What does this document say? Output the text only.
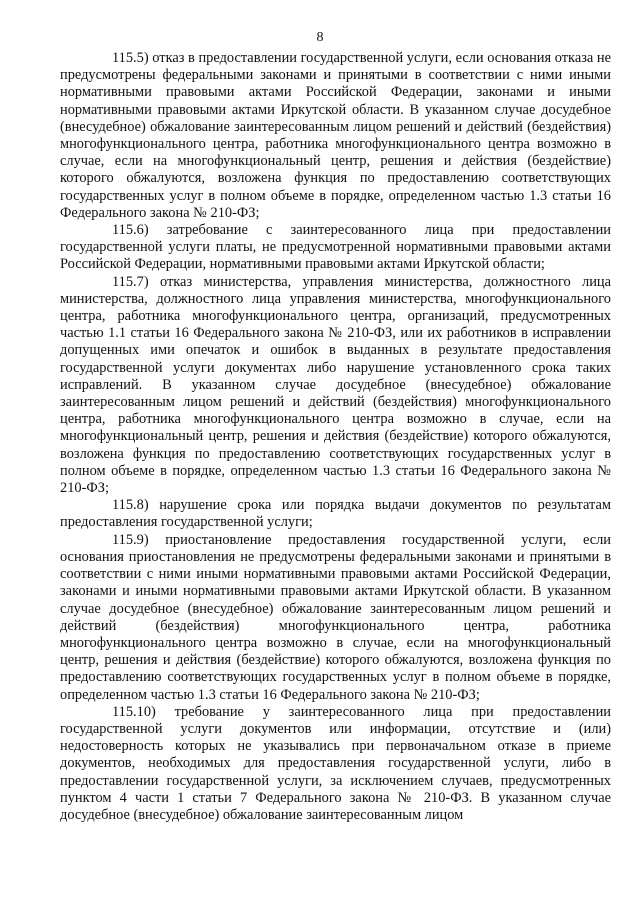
8

115.5) отказ в предоставлении государственной услуги, если основания отказа не предусмотрены федеральными законами и принятыми в соответствии с ними иными нормативными правовыми актами Российской Федерации, законами и иными нормативными правовыми актами Иркутской области. В указанном случае досудебное (внесудебное) обжалование заинтересованным лицом решений и действий (бездействия) многофункционального центра, работника многофункционального центра возможно в случае, если на многофункциональный центр, решения и действия (бездействие) которого обжалуются, возложена функция по предоставлению соответствующих государственных услуг в полном объеме в порядке, определенном частью 1.3 статьи 16 Федерального закона № 210-ФЗ;

115.6) затребование с заинтересованного лица при предоставлении государственной услуги платы, не предусмотренной нормативными правовыми актами Российской Федерации, нормативными правовыми актами Иркутской области;

115.7) отказ министерства, управления министерства, должностного лица министерства, должностного лица управления министерства, многофункционального центра, работника многофункционального центра, организаций, предусмотренных частью 1.1 статьи 16 Федерального закона № 210-ФЗ, или их работников в исправлении допущенных ими опечаток и ошибок в выданных в результате предоставления государственной услуги документах либо нарушение установленного срока таких исправлений. В указанном случае досудебное (внесудебное) обжалование заинтересованным лицом решений и действий (бездействия) многофункционального центра, работника многофункционального центра возможно в случае, если на многофункциональный центр, решения и действия (бездействие) которого обжалуются, возложена функция по предоставлению соответствующих государственных услуг в полном объеме в порядке, определенном частью 1.3 статьи 16 Федерального закона № 210-ФЗ;

115.8) нарушение срока или порядка выдачи документов по результатам предоставления государственной услуги;

115.9) приостановление предоставления государственной услуги, если основания приостановления не предусмотрены федеральными законами и принятыми в соответствии с ними иными нормативными правовыми актами Российской Федерации, законами и иными нормативными правовыми актами Иркутской области. В указанном случае досудебное (внесудебное) обжалование заинтересованным лицом решений и действий (бездействия) многофункционального центра, работника многофункционального центра возможно в случае, если на многофункциональный центр, решения и действия (бездействие) которого обжалуются, возложена функция по предоставлению соответствующих государственных услуг в полном объеме в порядке, определенном частью 1.3 статьи 16 Федерального закона № 210-ФЗ;

115.10) требование у заинтересованного лица при предоставлении государственной услуги документов или информации, отсутствие и (или) недостоверность которых не указывались при первоначальном отказе в приеме документов, необходимых для предоставления государственной услуги, либо в предоставлении государственной услуги, за исключением случаев, предусмотренных пунктом 4 части 1 статьи 7 Федерального закона № 210-ФЗ. В указанном случае досудебное (внесудебное) обжалование заинтересованным лицом
